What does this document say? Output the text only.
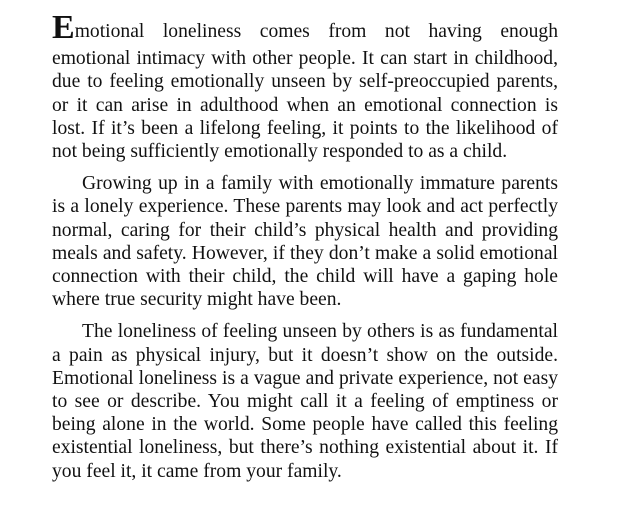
Emotional loneliness comes from not having enough
emotional intimacy with other people. It can start in childhood, due to feeling emotionally unseen by self-preoccupied parents, or it can arise in adulthood when an emotional connection is lost. If it’s been a lifelong feeling, it points to the likelihood of not being sufficiently emotionally responded to as a child.

Growing up in a family with emotionally immature parents is a lonely experience. These parents may look and act perfectly normal, caring for their child’s physical health and providing meals and safety. However, if they don’t make a solid emotional connection with their child, the child will have a gaping hole where true security might have been.

The loneliness of feeling unseen by others is as fundamental a pain as physical injury, but it doesn’t show on the outside. Emotional loneliness is a vague and private experience, not easy to see or describe. You might call it a feeling of emptiness or being alone in the world. Some people have called this feeling existential loneliness, but there’s nothing existential about it. If you feel it, it came from your family.
